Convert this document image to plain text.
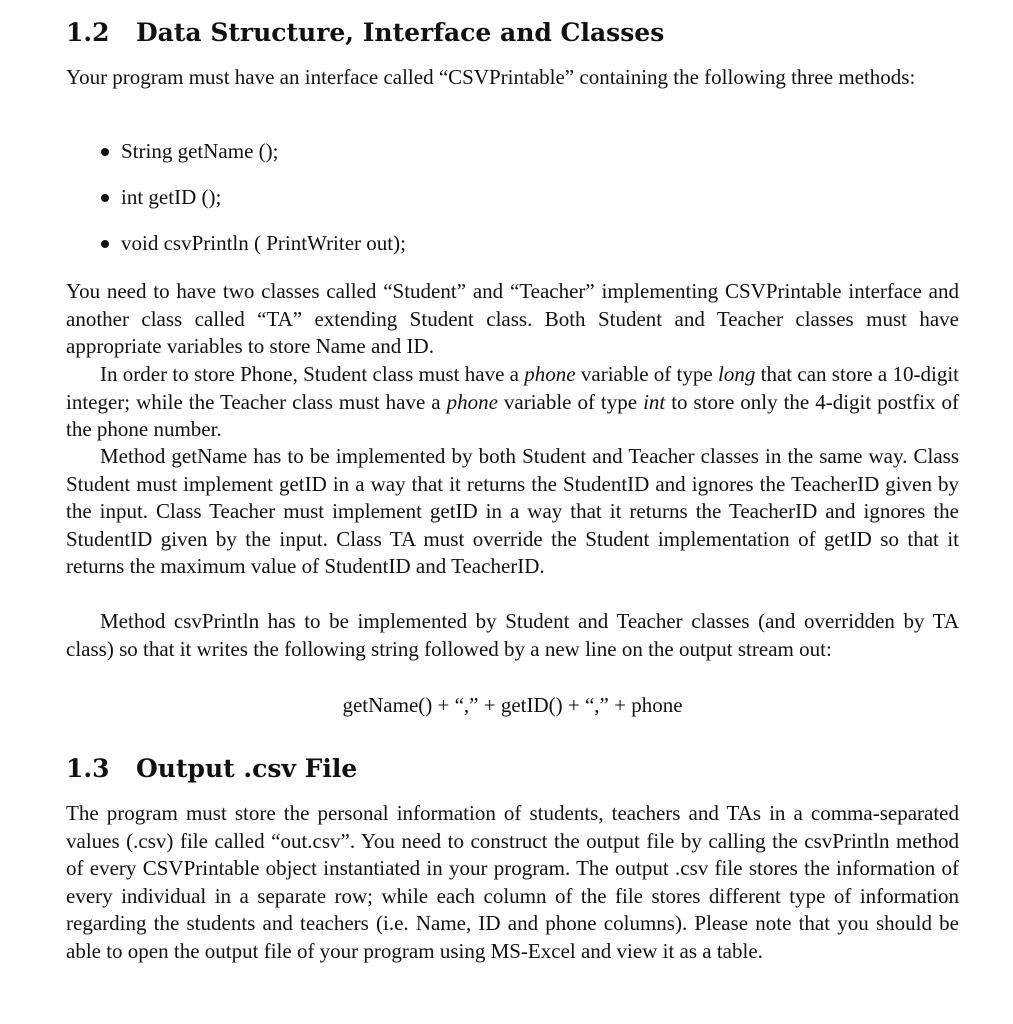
1.2 Data Structure, Interface and Classes

Your program must have an interface called “CSVPrintable” containing the following three methods:

String getName ();
int getID ();
void csvPrintln ( PrintWriter out);

You need to have two classes called “Student” and “Teacher” implementing CSVPrintable interface and another class called “TA” extending Student class. Both Student and Teacher classes must have appropriate variables to store Name and ID.

In order to store Phone, Student class must have a phone variable of type long that can store a 10-digit integer; while the Teacher class must have a phone variable of type int to store only the 4-digit postfix of the phone number.

Method getName has to be implemented by both Student and Teacher classes in the same way. Class Student must implement getID in a way that it returns the StudentID and ignores the TeacherID given by the input. Class Teacher must implement getID in a way that it returns the TeacherID and ignores the StudentID given by the input. Class TA must override the Student implementation of getID so that it returns the maximum value of StudentID and TeacherID.

Method csvPrintln has to be implemented by Student and Teacher classes (and overridden by TA class) so that it writes the following string followed by a new line on the output stream out:

getName() + “,” + getID() + “,” + phone
1.3 Output .csv File

The program must store the personal information of students, teachers and TAs in a comma-separated values (.csv) file called “out.csv”. You need to construct the output file by calling the csvPrintln method of every CSVPrintable object instantiated in your program. The output .csv file stores the information of every individual in a separate row; while each column of the file stores different type of information regarding the students and teachers (i.e. Name, ID and phone columns). Please note that you should be able to open the output file of your program using MS-Excel and view it as a table.
